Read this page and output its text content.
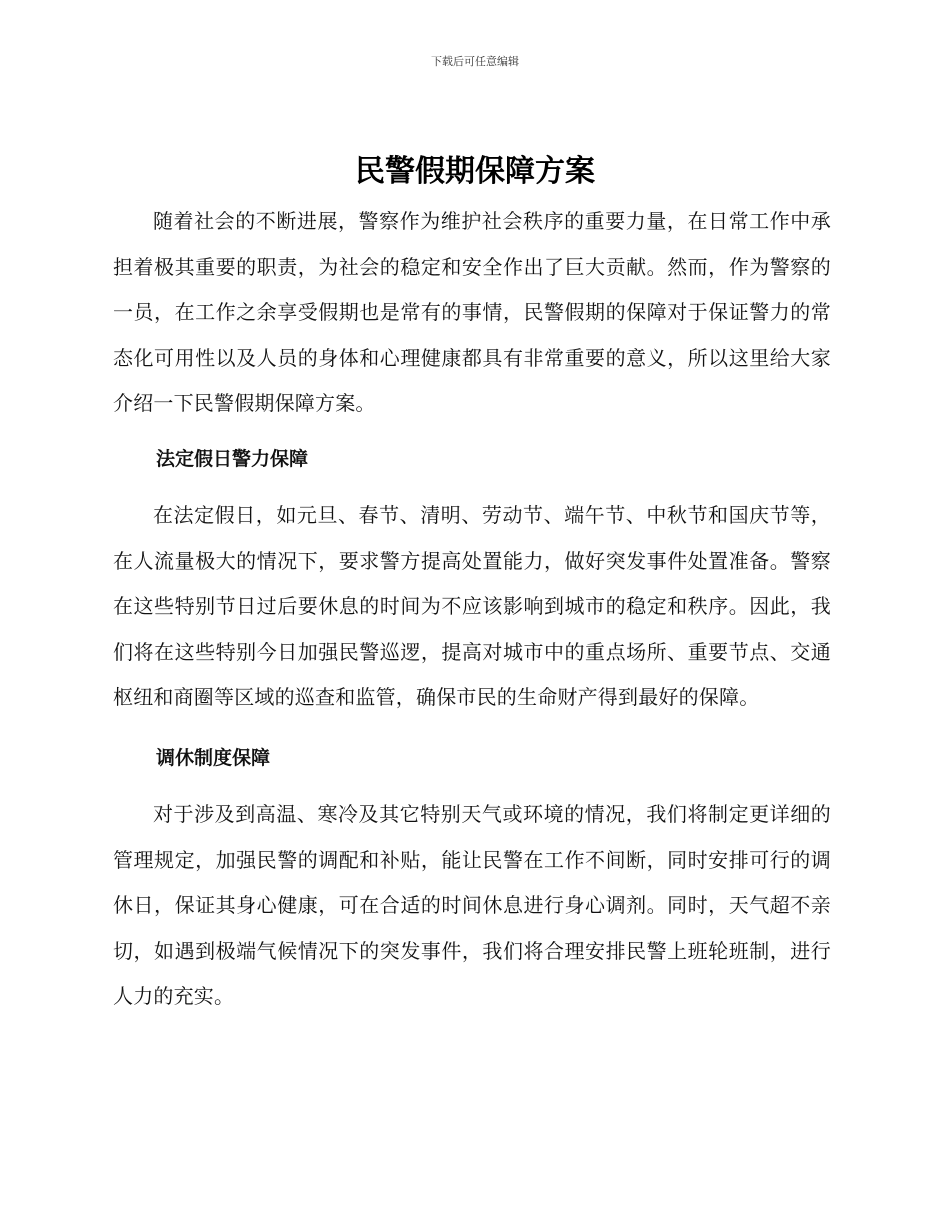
下载后可任意编辑
民警假期保障方案

随着社会的不断进展，警察作为维护社会秩序的重要力量，在日常工作中承担着极其重要的职责，为社会的稳定和安全作出了巨大贡献。然而，作为警察的一员，在工作之余享受假期也是常有的事情，民警假期的保障对于保证警力的常态化可用性以及人员的身体和心理健康都具有非常重要的意义，所以这里给大家介绍一下民警假期保障方案。

法定假日警力保障

在法定假日，如元旦、春节、清明、劳动节、端午节、中秋节和国庆节等，在人流量极大的情况下，要求警方提高处置能力，做好突发事件处置准备。警察在这些特别节日过后要休息的时间为不应该影响到城市的稳定和秩序。因此，我们将在这些特别今日加强民警巡逻，提高对城市中的重点场所、重要节点、交通枢纽和商圈等区域的巡查和监管，确保市民的生命财产得到最好的保障。

调休制度保障

对于涉及到高温、寒冷及其它特别天气或环境的情况，我们将制定更详细的管理规定，加强民警的调配和补贴，能让民警在工作不间断，同时安排可行的调休日，保证其身心健康，可在合适的时间休息进行身心调剂。同时，天气超不亲切，如遇到极端气候情况下的突发事件，我们将合理安排民警上班轮班制，进行人力的充实。
